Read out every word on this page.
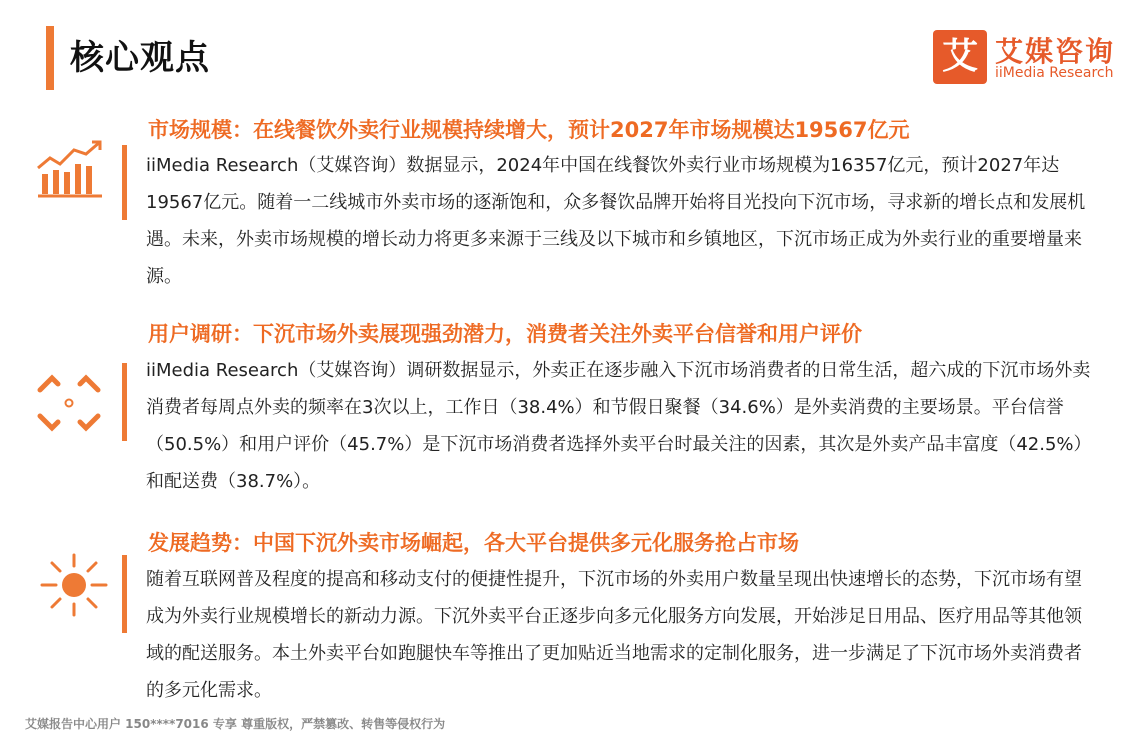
核心观点	艾 艾媒咨询
iiMedia Research
市场规模：在线餐饮外卖行业规模持续增大，预计2027年市场规模达19567亿元
iiMedia Research（艾媒咨询）数据显示，2024年中国在线餐饮外卖行业市场规模为16357亿元，预计2027年达19567亿元。随着一二线城市外卖市场的逐渐饱和，众多餐饮品牌开始将目光投向下沉市场，寻求新的增长点和发展机遇。未来，外卖市场规模的增长动力将更多来源于三线及以下城市和乡镇地区，下沉市场正成为外卖行业的重要增量来源。
用户调研：下沉市场外卖展现强劲潜力，消费者关注外卖平台信誉和用户评价
iiMedia Research（艾媒咨询）调研数据显示，外卖正在逐步融入下沉市场消费者的日常生活，超六成的下沉市场外卖消费者每周点外卖的频率在3次以上，工作日（38.4%）和节假日聚餐（34.6%）是外卖消费的主要场景。平台信誉（50.5%）和用户评价（45.7%）是下沉市场消费者选择外卖平台时最关注的因素，其次是外卖产品丰富度（42.5%）和配送费（38.7%）。
发展趋势：中国下沉外卖市场崛起，各大平台提供多元化服务抢占市场
随着互联网普及程度的提高和移动支付的便捷性提升，下沉市场的外卖用户数量呈现出快速增长的态势，下沉市场有望成为外卖行业规模增长的新动力源。下沉外卖平台正逐步向多元化服务方向发展，开始涉足日用品、医疗用品等其他领域的配送服务。本土外卖平台如跑腿快车等推出了更加贴近当地需求的定制化服务，进一步满足了下沉市场外卖消费者的多元化需求。
艾媒报告中心用户 150****7016 专享 尊重版权，严禁篡改、转售等侵权行为
